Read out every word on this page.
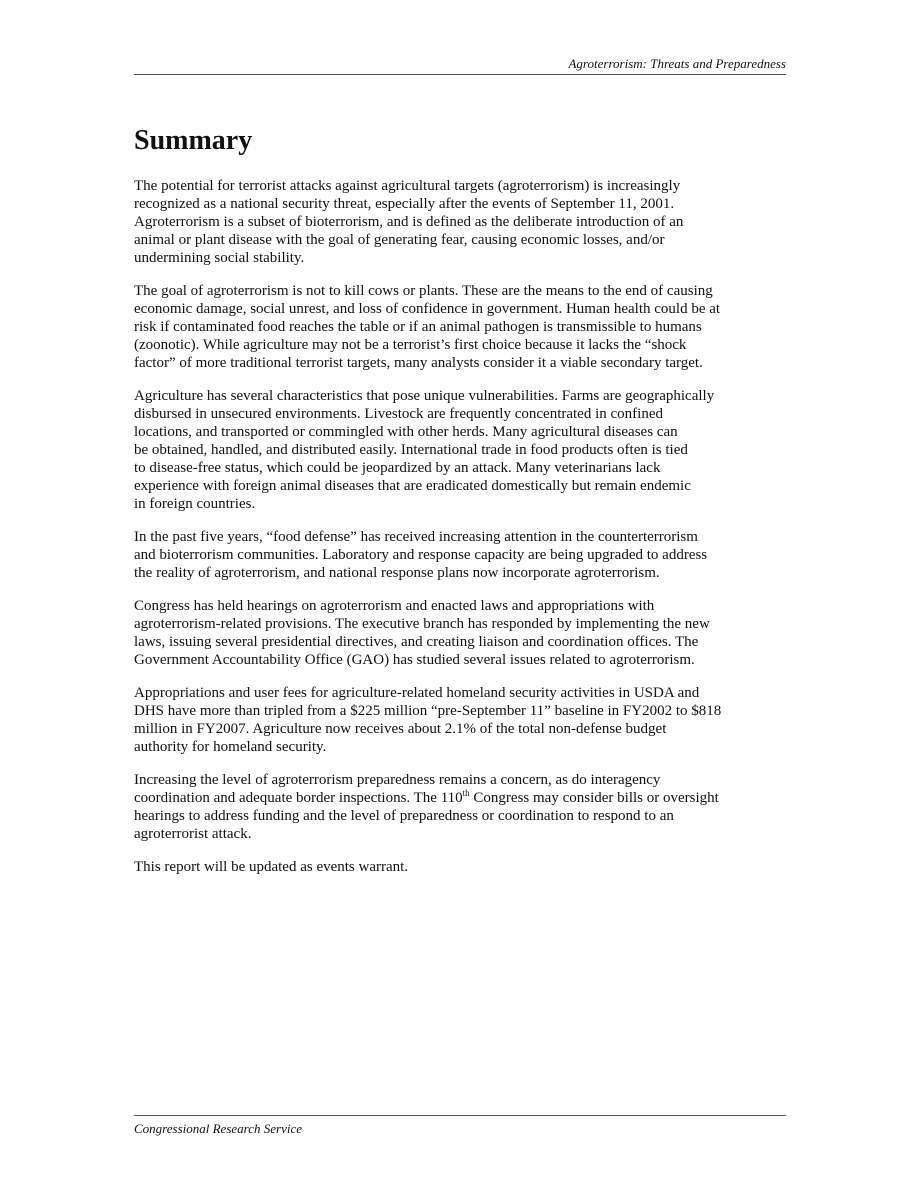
Agroterrorism: Threats and Preparedness
Summary

The potential for terrorist attacks against agricultural targets (agroterrorism) is increasingly
recognized as a national security threat, especially after the events of September 11, 2001.
Agroterrorism is a subset of bioterrorism, and is defined as the deliberate introduction of an
animal or plant disease with the goal of generating fear, causing economic losses, and/or
undermining social stability.

The goal of agroterrorism is not to kill cows or plants. These are the means to the end of causing
economic damage, social unrest, and loss of confidence in government. Human health could be at
risk if contaminated food reaches the table or if an animal pathogen is transmissible to humans
(zoonotic). While agriculture may not be a terrorist’s first choice because it lacks the “shock
factor” of more traditional terrorist targets, many analysts consider it a viable secondary target.

Agriculture has several characteristics that pose unique vulnerabilities. Farms are geographically
disbursed in unsecured environments. Livestock are frequently concentrated in confined
locations, and transported or commingled with other herds. Many agricultural diseases can
be obtained, handled, and distributed easily. International trade in food products often is tied
to disease-free status, which could be jeopardized by an attack. Many veterinarians lack
experience with foreign animal diseases that are eradicated domestically but remain endemic
in foreign countries.

In the past five years, “food defense” has received increasing attention in the counterterrorism
and bioterrorism communities. Laboratory and response capacity are being upgraded to address
the reality of agroterrorism, and national response plans now incorporate agroterrorism.

Congress has held hearings on agroterrorism and enacted laws and appropriations with
agroterrorism-related provisions. The executive branch has responded by implementing the new
laws, issuing several presidential directives, and creating liaison and coordination offices. The
Government Accountability Office (GAO) has studied several issues related to agroterrorism.

Appropriations and user fees for agriculture-related homeland security activities in USDA and
DHS have more than tripled from a $225 million “pre-September 11” baseline in FY2002 to $818
million in FY2007. Agriculture now receives about 2.1% of the total non-defense budget
authority for homeland security.

Increasing the level of agroterrorism preparedness remains a concern, as do interagency
coordination and adequate border inspections. The 110th Congress may consider bills or oversight
hearings to address funding and the level of preparedness or coordination to respond to an
agroterrorist attack.

This report will be updated as events warrant.

Congressional Research Service
